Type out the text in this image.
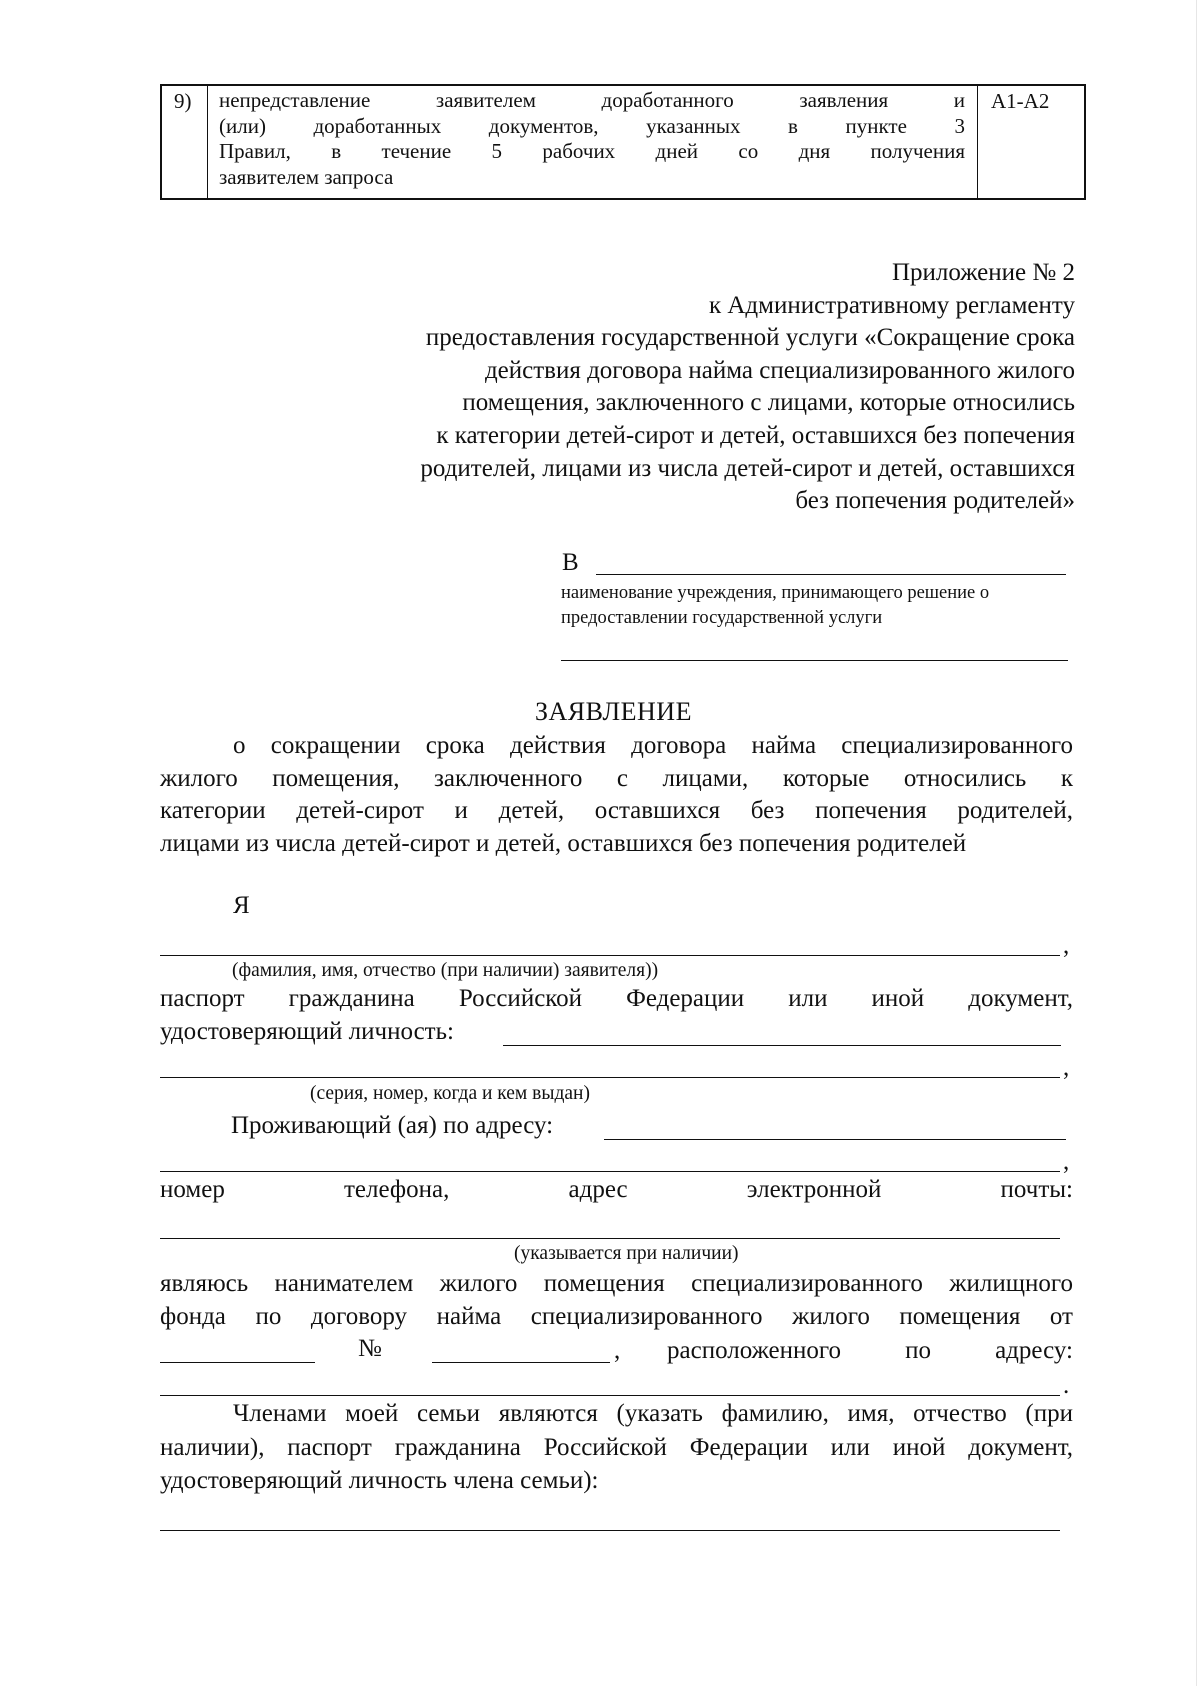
9) непредставление заявителем доработанного заявления и
(или) доработанных документов, указанных в пункте 3
Правил, в течение 5 рабочих дней со дня получения
заявителем запроса
А1-А2
Приложение № 2
к Административному регламенту
предоставления государственной услуги «Сокращение срока
действия договора найма специализированного жилого
помещения, заключенного с лицами, которые относились
к категории детей-сирот и детей, оставшихся без попечения
родителей, лицами из числа детей-сирот и детей, оставшихся
без попечения родителей»
В
наименование учреждения, принимающего решение о
предоставлении государственной услуги
ЗАЯВЛЕНИЕ
о сокращении срока действия договора найма специализированного
жилого помещения, заключенного с лицами, которые относились к
категории детей-сирот и детей, оставшихся без попечения родителей,
лицами из числа детей-сирот и детей, оставшихся без попечения родителей
Я
,
(фамилия, имя, отчество (при наличии) заявителя))
паспорт гражданина Российской Федерации или иной документ,
удостоверяющий личность:
,
(серия, номер, когда и кем выдан)
Проживающий (ая) по адресу:
,
номер телефона, адрес электронной почты:
(указывается при наличии)
являюсь нанимателем жилого помещения специализированного жилищного
фонда по договору найма специализированного жилого помещения от
№	, расположенного по адресу:
.
Членами моей семьи являются (указать фамилию, имя, отчество (при
наличии), паспорт гражданина Российской Федерации или иной документ,
удостоверяющий личность члена семьи):
